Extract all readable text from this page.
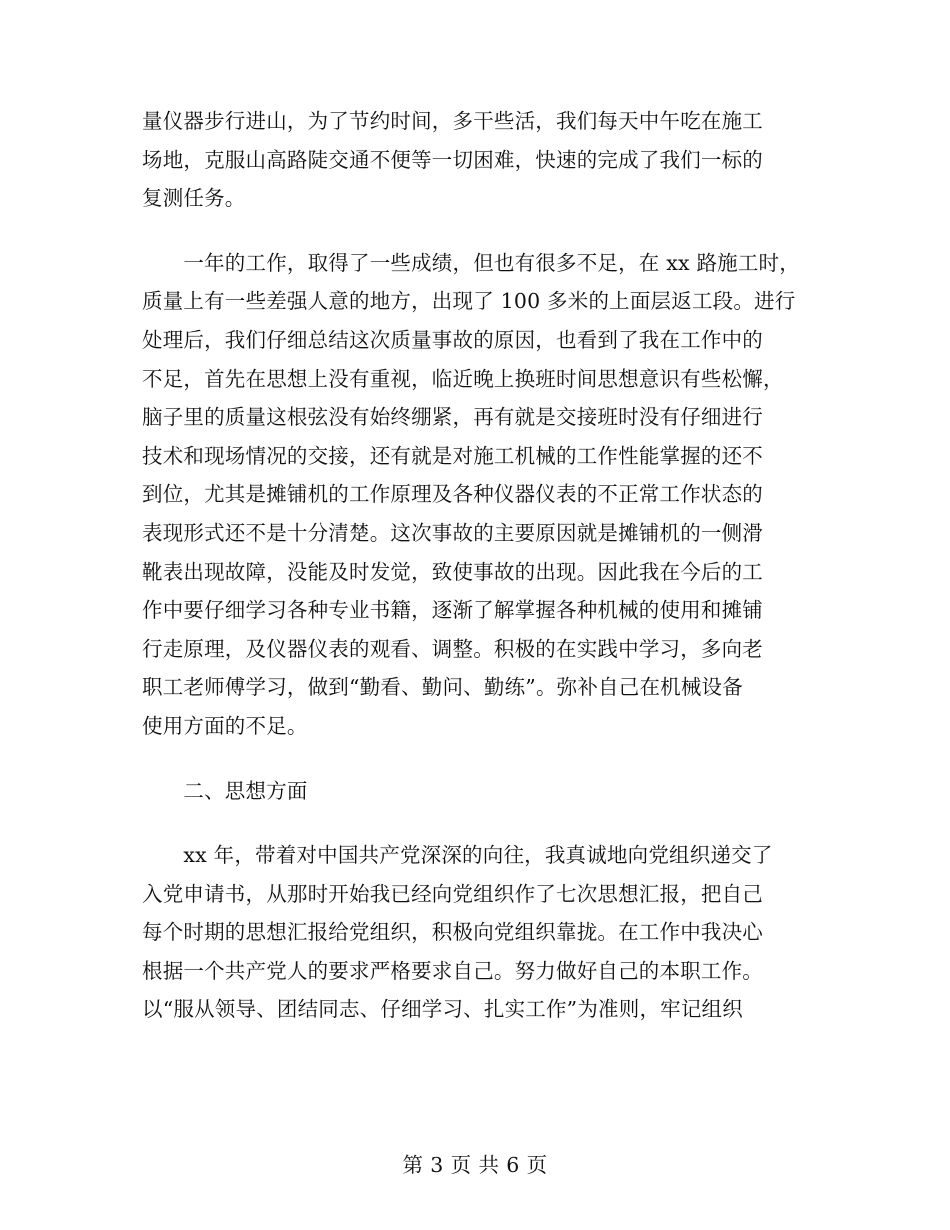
量仪器步行进山，为了节约时间，多干些活，我们每天中午吃在施工
场地，克服山高路陡交通不便等一切困难，快速的完成了我们一标的
复测任务。
　　一年的工作，取得了一些成绩，但也有很多不足，在 xx 路施工时，
质量上有一些差强人意的地方，出现了 100 多米的上面层返工段。进行
处理后，我们仔细总结这次质量事故的原因，也看到了我在工作中的
不足，首先在思想上没有重视，临近晚上换班时间思想意识有些松懈，
脑子里的质量这根弦没有始终绷紧，再有就是交接班时没有仔细进行
技术和现场情况的交接，还有就是对施工机械的工作性能掌握的还不
到位，尤其是摊铺机的工作原理及各种仪器仪表的不正常工作状态的
表现形式还不是十分清楚。这次事故的主要原因就是摊铺机的一侧滑
靴表出现故障，没能及时发觉，致使事故的出现。因此我在今后的工
作中要仔细学习各种专业书籍，逐渐了解掌握各种机械的使用和摊铺
行走原理，及仪器仪表的观看、调整。积极的在实践中学习，多向老
职工老师傅学习，做到“勤看、勤问、勤练”。弥补自己在机械设备
使用方面的不足。
　　二、思想方面
　　xx 年，带着对中国共产党深深的向往，我真诚地向党组织递交了
入党申请书，从那时开始我已经向党组织作了七次思想汇报，把自己
每个时期的思想汇报给党组织，积极向党组织靠拢。在工作中我决心
根据一个共产党人的要求严格要求自己。努力做好自己的本职工作。
以“服从领导、团结同志、仔细学习、扎实工作”为准则，牢记组织
第 3 页 共 6 页
